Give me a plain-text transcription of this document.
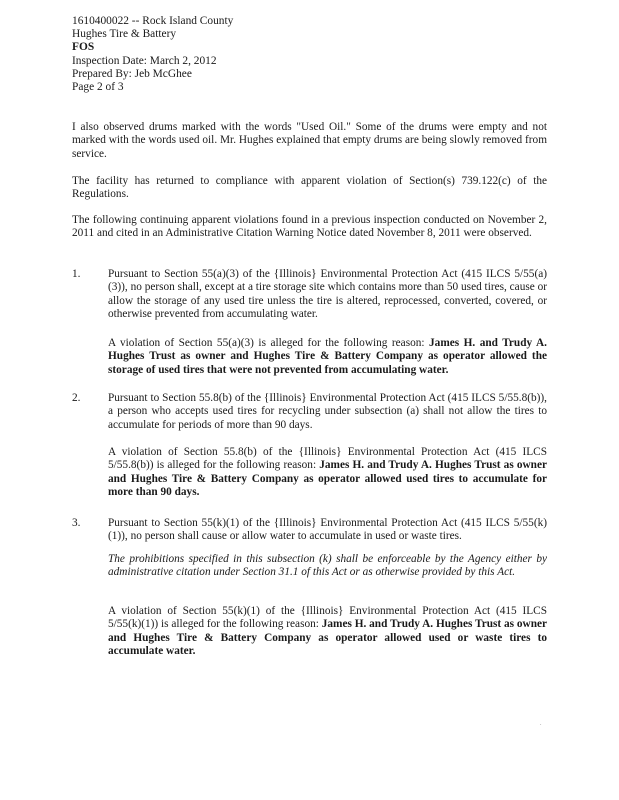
1610400022 -- Rock Island County
Hughes Tire & Battery
FOS
Inspection Date: March 2, 2012
Prepared By: Jeb McGhee
Page 2 of 3
I also observed drums marked with the words "Used Oil." Some of the drums were empty and not marked with the words used oil. Mr. Hughes explained that empty drums are being slowly removed from service.
The facility has returned to compliance with apparent violation of Section(s) 739.122(c) of the Regulations.
The following continuing apparent violations found in a previous inspection conducted on November 2, 2011 and cited in an Administrative Citation Warning Notice dated November 8, 2011 were observed.
1. Pursuant to Section 55(a)(3) of the {Illinois} Environmental Protection Act (415 ILCS 5/55(a)(3)), no person shall, except at a tire storage site which contains more than 50 used tires, cause or allow the storage of any used tire unless the tire is altered, reprocessed, converted, covered, or otherwise prevented from accumulating water.
A violation of Section 55(a)(3) is alleged for the following reason: James H. and Trudy A. Hughes Trust as owner and Hughes Tire & Battery Company as operator allowed the storage of used tires that were not prevented from accumulating water.
2. Pursuant to Section 55.8(b) of the {Illinois} Environmental Protection Act (415 ILCS 5/55.8(b)), a person who accepts used tires for recycling under subsection (a) shall not allow the tires to accumulate for periods of more than 90 days.
A violation of Section 55.8(b) of the {Illinois} Environmental Protection Act (415 ILCS 5/55.8(b)) is alleged for the following reason: James H. and Trudy A. Hughes Trust as owner and Hughes Tire & Battery Company as operator allowed used tires to accumulate for more than 90 days.
3. Pursuant to Section 55(k)(1) of the {Illinois} Environmental Protection Act (415 ILCS 5/55(k)(1)), no person shall cause or allow water to accumulate in used or waste tires.
The prohibitions specified in this subsection (k) shall be enforceable by the Agency either by administrative citation under Section 31.1 of this Act or as otherwise provided by this Act.
A violation of Section 55(k)(1) of the {Illinois} Environmental Protection Act (415 ILCS 5/55(k)(1)) is alleged for the following reason: James H. and Trudy A. Hughes Trust as owner and Hughes Tire & Battery Company as operator allowed used or waste tires to accumulate water.
.
